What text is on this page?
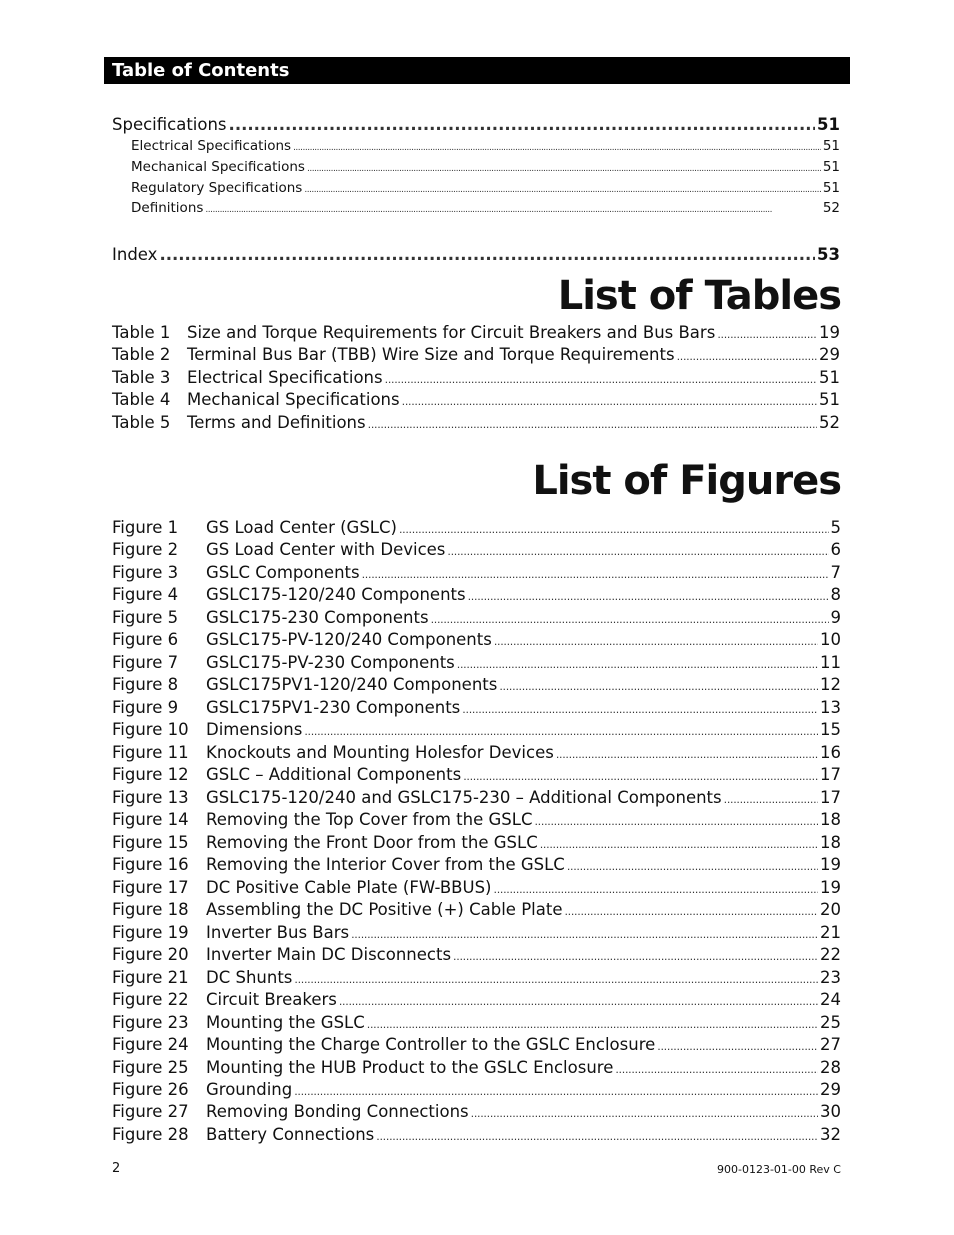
Table of Contents
Specifications .....	51
Electrical Specifications .....	51
Mechanical Specifications .....	51
Regulatory Specifications .....	51
Definitions .....	52
Index .....	53
List of Tables
Table 1	Size and Torque Requirements for Circuit Breakers and Bus Bars .....	19
Table 2	Terminal Bus Bar (TBB) Wire Size and Torque Requirements .....	29
Table 3	Electrical Specifications .....	51
Table 4	Mechanical Specifications .....	51
Table 5	Terms and Definitions .....	52
List of Figures
Figure 1	GS Load Center (GSLC) .....	5
Figure 2	GS Load Center with Devices .....	6
Figure 3	GSLC Components .....	7
Figure 4	GSLC175-120/240 Components .....	8
Figure 5	GSLC175-230 Components .....	9
Figure 6	GSLC175-PV-120/240 Components .....	10
Figure 7	GSLC175-PV-230 Components .....	11
Figure 8	GSLC175PV1-120/240 Components .....	12
Figure 9	GSLC175PV1-230 Components .....	13
Figure 10	Dimensions .....	15
Figure 11	Knockouts and Mounting Holesfor Devices .....	16
Figure 12	GSLC – Additional Components .....	17
Figure 13	GSLC175-120/240 and GSLC175-230 – Additional Components .....	17
Figure 14	Removing the Top Cover from the GSLC .....	18
Figure 15	Removing the Front Door from the GSLC .....	18
Figure 16	Removing the Interior Cover from the GSLC .....	19
Figure 17	DC Positive Cable Plate (FW-BBUS) .....	19
Figure 18	Assembling the DC Positive (+) Cable Plate .....	20
Figure 19	Inverter Bus Bars .....	21
Figure 20	Inverter Main DC Disconnects .....	22
Figure 21	DC Shunts .....	23
Figure 22	Circuit Breakers .....	24
Figure 23	Mounting the GSLC .....	25
Figure 24	Mounting the Charge Controller to the GSLC Enclosure .....	27
Figure 25	Mounting the HUB Product to the GSLC Enclosure .....	28
Figure 26	Grounding .....	29
Figure 27	Removing Bonding Connections .....	30
Figure 28	Battery Connections .....	32
2	900-0123-01-00 Rev C
